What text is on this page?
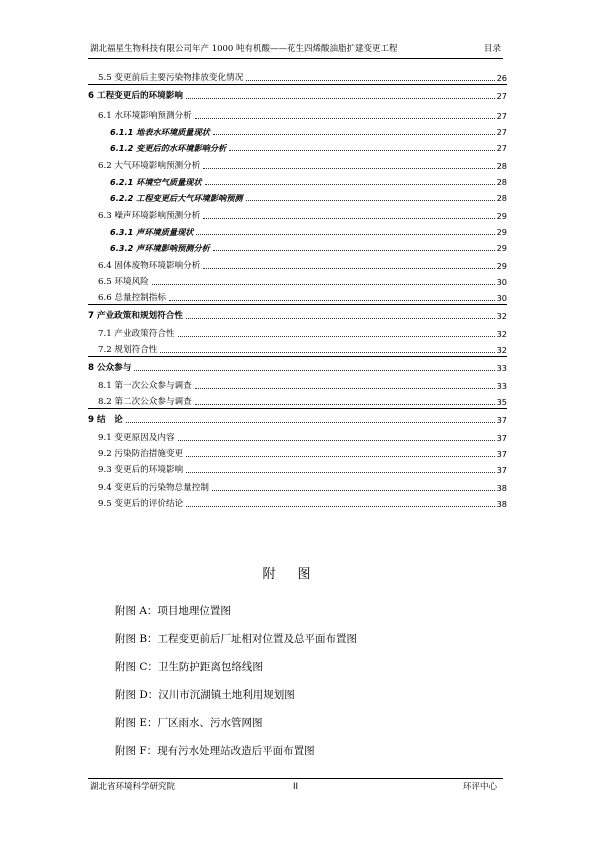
湖北福星生物科技有限公司年产 1000 吨有机酸——花生四烯酸油脂扩建变更工程	目录
5.5 变更前后主要污染物排放变化情况	26
6 工程变更后的环境影响	27
6.1 水环境影响预测分析	27
6.1.1 地表水环境质量现状	27
6.1.2 变更后的水环境影响分析	27
6.2 大气环境影响预测分析	28
6.2.1 环境空气质量现状	28
6.2.2 工程变更后大气环境影响预测	28
6.3 噪声环境影响预测分析	29
6.3.1 声环境质量现状	29
6.3.2 声环境影响预测分析	29
6.4 固体废物环境影响分析	29
6.5 环境风险	30
6.6 总量控制指标	30
7 产业政策和规划符合性	32
7.1 产业政策符合性	32
7.2 规划符合性	32
8 公众参与	33
8.1 第一次公众参与调查	33
8.2 第二次公众参与调查	35
9 结　论	37
9.1 变更原因及内容	37
9.2 污染防治措施变更	37
9.3 变更后的环境影响	37
9.4 变更后的污染物总量控制	38
9.5 变更后的评价结论	38
附图
附图 A：项目地理位置图
附图 B：工程变更前后厂址相对位置及总平面布置图
附图 C：卫生防护距离包络线图
附图 D：汉川市沉湖镇土地利用规划图
附图 E：厂区雨水、污水管网图
附图 F：现有污水处理站改造后平面布置图
湖北省环境科学研究院	II	环评中心
